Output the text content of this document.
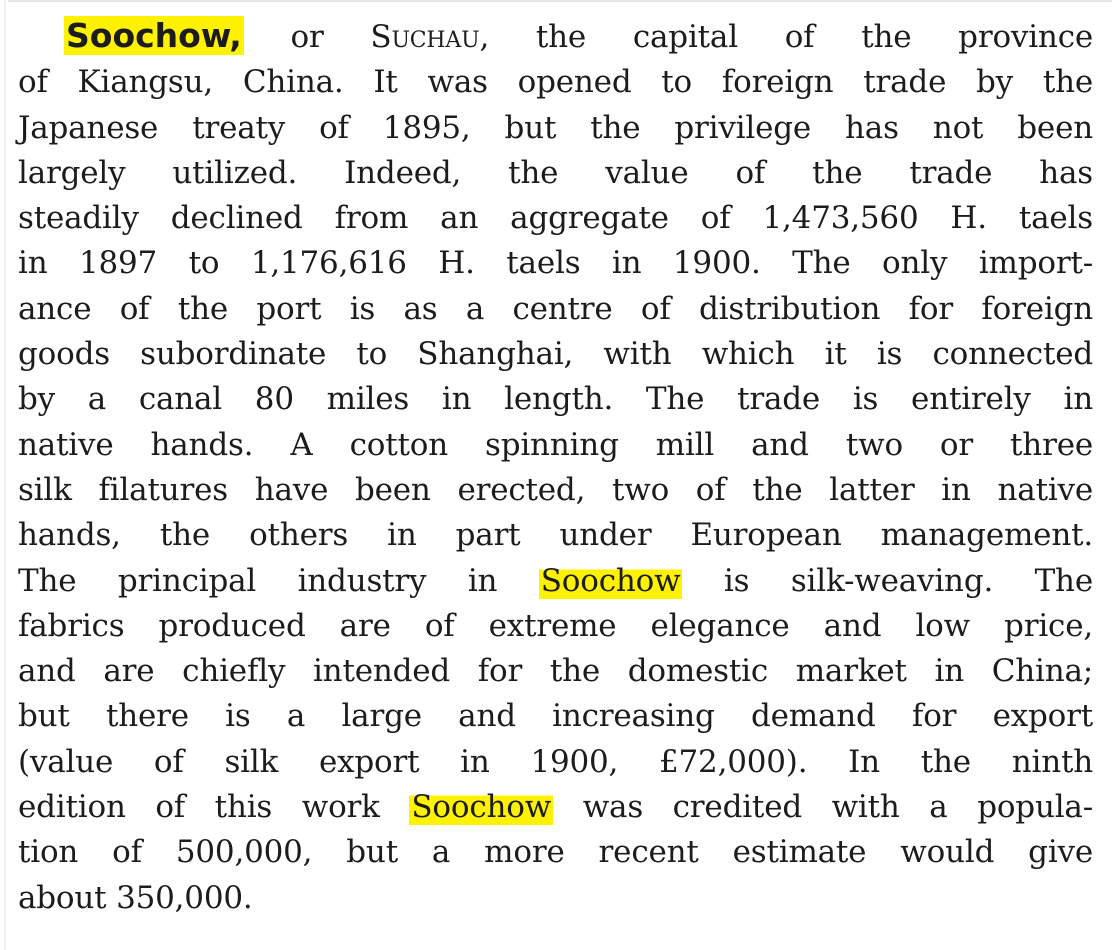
Soochow, or Suchau, the capital of the province
of Kiangsu, China. It was opened to foreign trade by the
Japanese treaty of 1895, but the privilege has not been
largely utilized. Indeed, the value of the trade has
steadily declined from an aggregate of 1,473,560 H. taels
in 1897 to 1,176,616 H. taels in 1900. The only import-
ance of the port is as a centre of distribution for foreign
goods subordinate to Shanghai, with which it is connected
by a canal 80 miles in length. The trade is entirely in
native hands. A cotton spinning mill and two or three
silk filatures have been erected, two of the latter in native
hands, the others in part under European management.
The principal industry in Soochow is silk-weaving. The
fabrics produced are of extreme elegance and low price,
and are chiefly intended for the domestic market in China;
but there is a large and increasing demand for export
(value of silk export in 1900, £72,000). In the ninth
edition of this work Soochow was credited with a popula-
tion of 500,000, but a more recent estimate would give
about 350,000.
